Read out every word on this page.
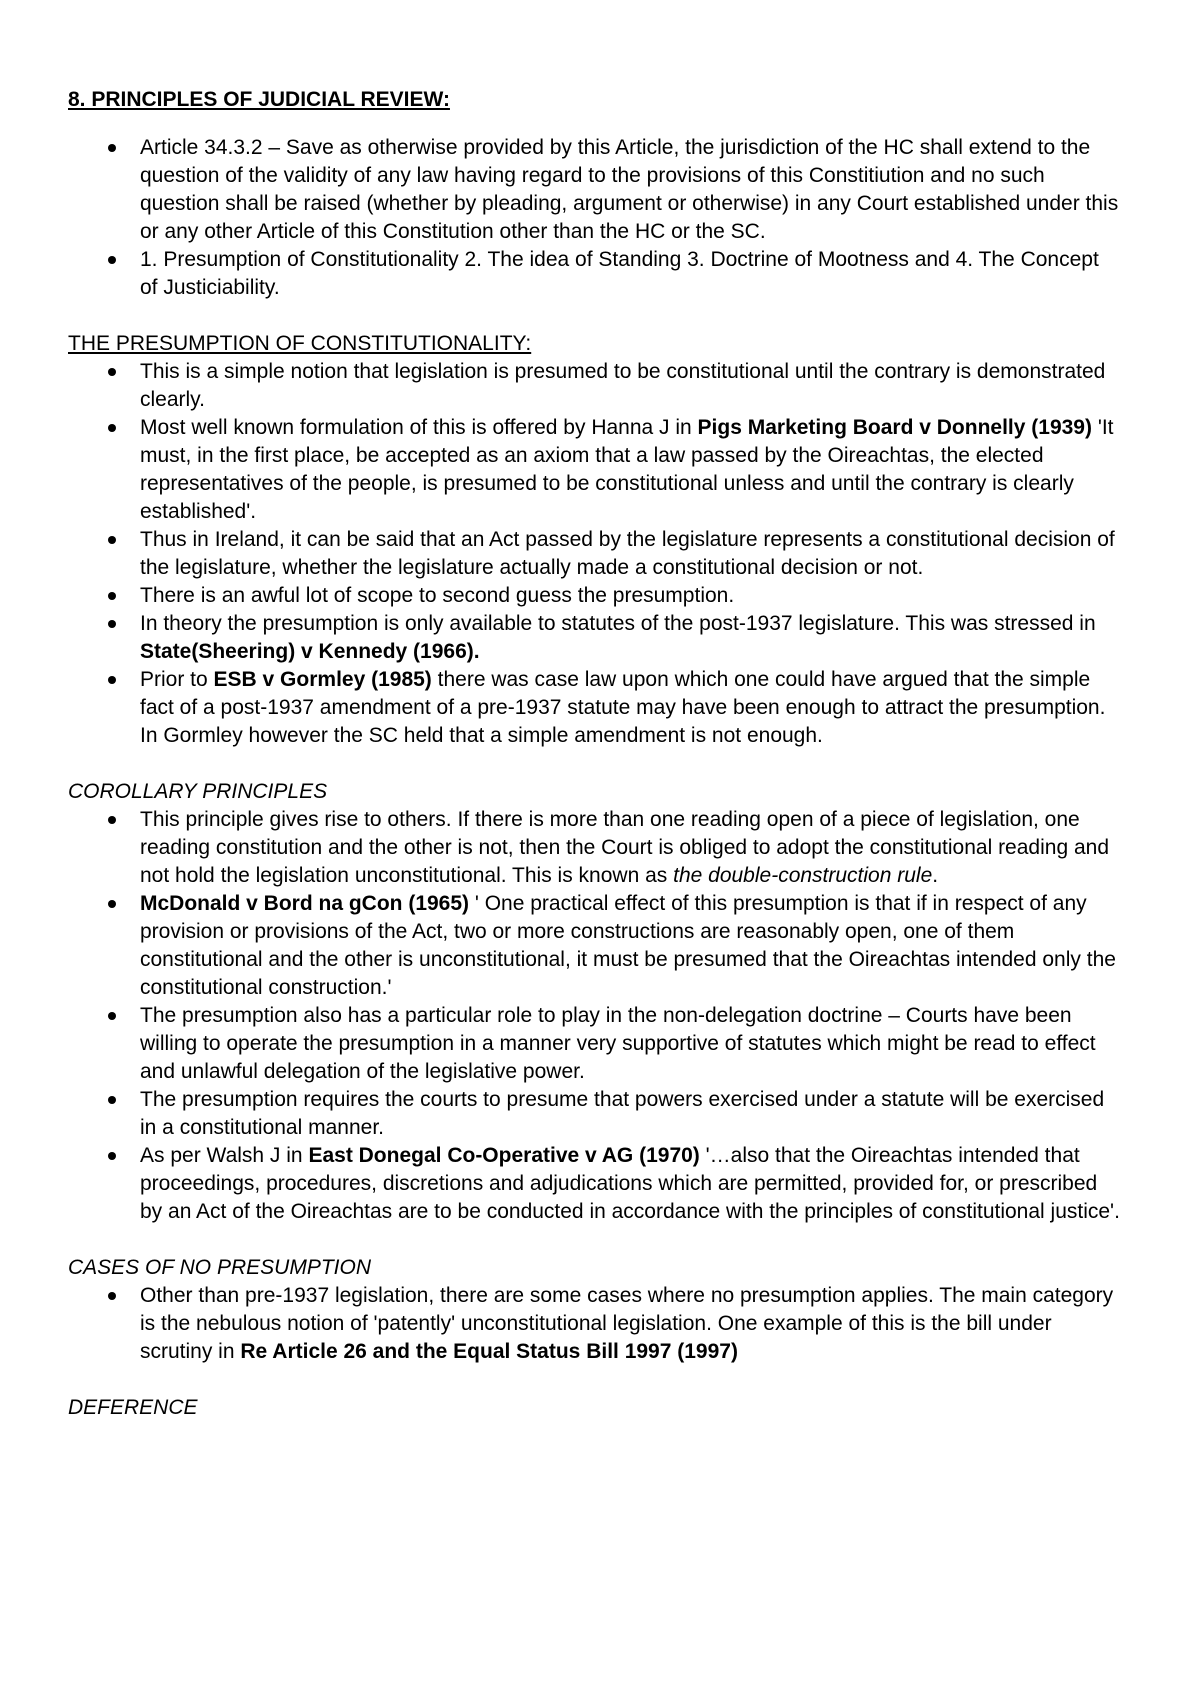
8. PRINCIPLES OF JUDICIAL REVIEW:
Article 34.3.2 – Save as otherwise provided by this Article, the jurisdiction of the HC shall extend to the question of the validity of any law having regard to the provisions of this Constitiution and no such question shall be raised (whether by pleading, argument or otherwise) in any Court established under this or any other Article of this Constitution other than the HC or the SC.
1. Presumption of Constitutionality 2. The idea of Standing 3. Doctrine of Mootness and 4. The Concept of Justiciability.
THE PRESUMPTION OF CONSTITUTIONALITY:
This is a simple notion that legislation is presumed to be constitutional until the contrary is demonstrated clearly.
Most well known formulation of this is offered by Hanna J in Pigs Marketing Board v Donnelly (1939) 'It must, in the first place, be accepted as an axiom that a law passed by the Oireachtas, the elected representatives of the people, is presumed to be constitutional unless and until the contrary is clearly established'.
Thus in Ireland, it can be said that an Act passed by the legislature represents a constitutional decision of the legislature, whether the legislature actually made a constitutional decision or not.
There is an awful lot of scope to second guess the presumption.
In theory the presumption is only available to statutes of the post-1937 legislature. This was stressed in State(Sheering) v Kennedy (1966).
Prior to ESB v Gormley (1985) there was case law upon which one could have argued that the simple fact of a post-1937 amendment of a pre-1937 statute may have been enough to attract the presumption. In Gormley however the SC held that a simple amendment is not enough.
COROLLARY PRINCIPLES
This principle gives rise to others. If there is more than one reading open of a piece of legislation, one reading constitution and the other is not, then the Court is obliged to adopt the constitutional reading and not hold the legislation unconstitutional. This is known as the double-construction rule.
McDonald v Bord na gCon (1965) ' One practical effect of this presumption is that if in respect of any provision or provisions of the Act, two or more constructions are reasonably open, one of them constitutional and the other is unconstitutional, it must be presumed that the Oireachtas intended only the constitutional construction.'
The presumption also has a particular role to play in the non-delegation doctrine – Courts have been willing to operate the presumption in a manner very supportive of statutes which might be read to effect and unlawful delegation of the legislative power.
The presumption requires the courts to presume that powers exercised under a statute will be exercised in a constitutional manner.
As per Walsh J in East Donegal Co-Operative v AG (1970) '…also that the Oireachtas intended that proceedings, procedures, discretions and adjudications which are permitted, provided for, or prescribed by an Act of the Oireachtas are to be conducted in accordance with the principles of constitutional justice'.
CASES OF NO PRESUMPTION
Other than pre-1937 legislation, there are some cases where no presumption applies. The main category is the nebulous notion of 'patently' unconstitutional legislation. One example of this is the bill under scrutiny in Re Article 26 and the Equal Status Bill 1997 (1997)
DEFERENCE
